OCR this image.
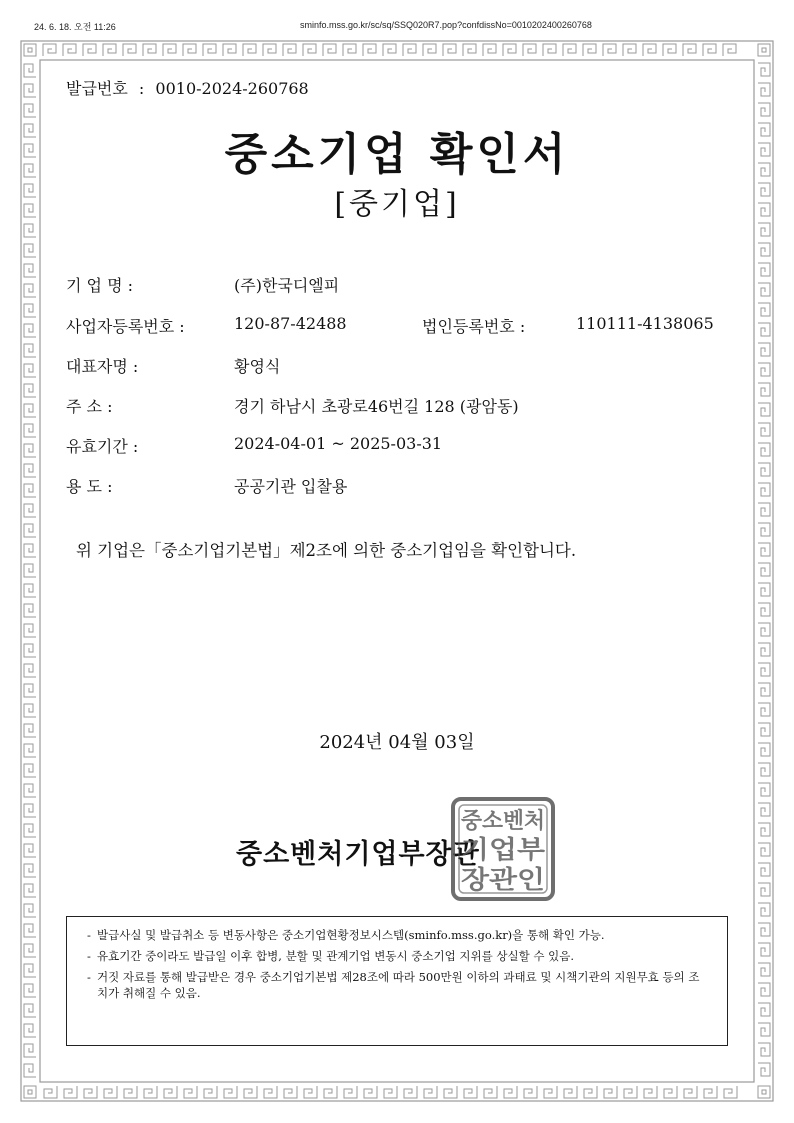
24. 6. 18. 오전 11:26	sminfo.mss.go.kr/sc/sq/SSQ020R7.pop?confdissNo=0010202400260768
발급번호 : 0010-2024-260768
중소기업 확인서
[중기업]
기 업 명 :	(주)한국디엘피
사업자등록번호 :	120-87-42488	법인등록번호 :	110111-4138065
대표자명 :	황영식
주 소 :	경기 하남시 초광로46번길 128 (광암동)
유효기간 :	2024-04-01 ~ 2025-03-31
용 도 :	공공기관 입찰용
위 기업은「중소기업기본법」제2조에 의한 중소기업임을 확인합니다.
2024년 04월 03일
중소벤처기업부장관
중소벤처
기업부
장관인
- 발급사실 및 발급취소 등 변동사항은 중소기업현황정보시스템(sminfo.mss.go.kr)을 통해 확인 가능.
- 유효기간 중이라도 발급일 이후 합병, 분할 및 관계기업 변동시 중소기업 지위를 상실할 수 있음.
- 거짓 자료를 통해 발급받은 경우 중소기업기본법 제28조에 따라 500만원 이하의 과태료 및 시책기관의 지원무효 등의 조치가 취해질 수 있음.
